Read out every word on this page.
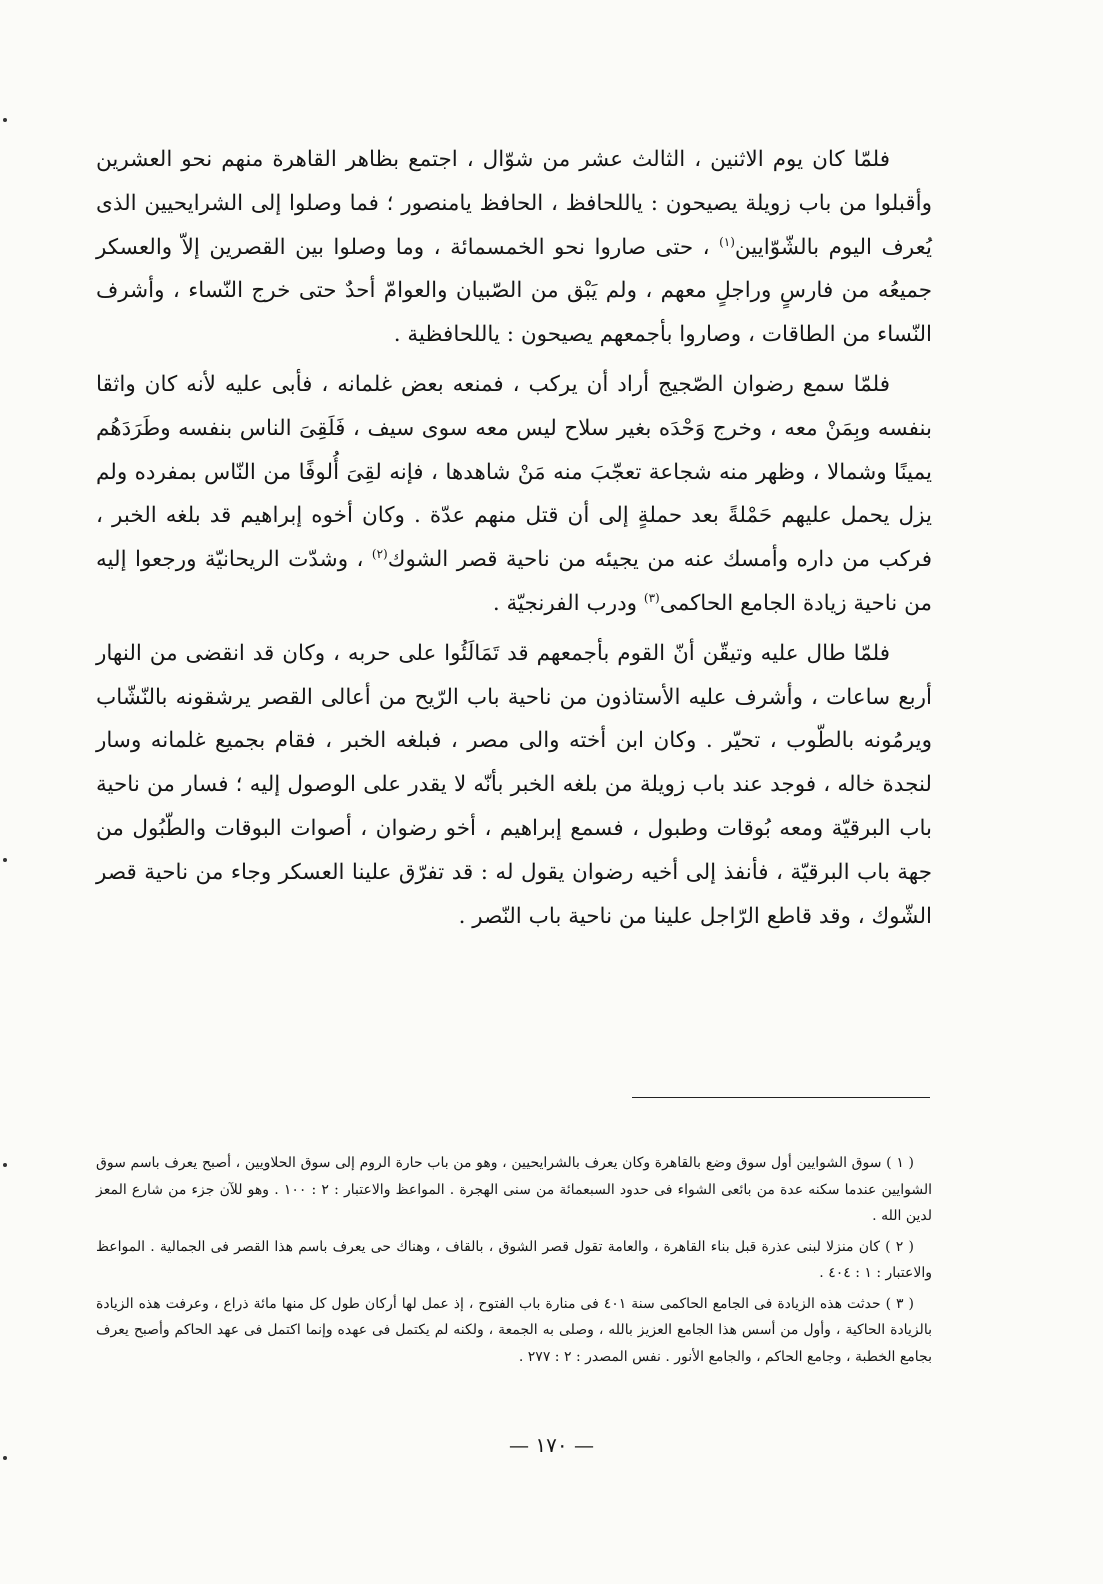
فلمّا كان يوم الاثنين ، الثالث عشر من شوّال ، اجتمع بظاهر القاهرة منهم نحو العشرين وأقبلوا من باب زويلة يصيحون : ياللحافظ ، الحافظ يامنصور ؛ فما وصلوا إلى الشرايحيين الذى يُعرف اليوم بالشّوّايين$^{(١)}$ ، حتى صاروا نحو الخمسمائة ، وما وصلوا بين القصرين إلاّ والعسكر جميعُه من فارسٍ وراجلٍ معهم ، ولم يَبْق من الصّبيان والعوامّ أحدٌ حتى خرج النّساء ، وأشرف النّساء من الطاقات ، وصاروا بأجمعهم يصيحون : ياللحافظية .

فلمّا سمع رضوان الصّجيج أراد أن يركب ، فمنعه بعض غلمانه ، فأبى عليه لأنه كان واثقا بنفسه وبِمَنْ معه ، وخرج وَحْدَه بغير سلاح ليس معه سوى سيف ، فَلَقِىَ الناس بنفسه وطَرَدَهُم يمينًا وشمالا ، وظهر منه شجاعة تعجّبَ منه مَنْ شاهدها ، فإنه لقِىَ أُلوفًا من النّاس بمفرده ولم يزل يحمل عليهم حَمْلةً بعد حملةٍ إلى أن قتل منهم عدّة . وكان أخوه إبراهيم قد بلغه الخبر ، فركب من داره وأمسك عنه من يجيئه من ناحية قصر الشوك$^{(٢)}$ ، وشدّت الريحانيّة ورجعوا إليه من ناحية زيادة الجامع الحاكمى$^{(٣)}$ ودرب الفرنجيّة .

فلمّا طال عليه وتيقّن أنّ القوم بأجمعهم قد تَمَالَئُوا على حربه ، وكان قد انقضى من النهار أربع ساعات ، وأشرف عليه الأستاذون من ناحية باب الرّيح من أعالى القصر يرشقونه بالنّشّاب ويرمُونه بالطّوب ، تحيّر . وكان ابن أخته والى مصر ، فبلغه الخبر ، فقام بجميع غلمانه وسار لنجدة خاله ، فوجد عند باب زويلة من بلغه الخبر بأنّه لا يقدر على الوصول إليه ؛ فسار من ناحية باب البرقيّة ومعه بُوقات وطبول ، فسمع إبراهيم ، أخو رضوان ، أصوات البوقات والطّبُول من جهة باب البرقيّة ، فأنفذ إلى أخيه رضوان يقول له : قد تفرّق علينا العسكر وجاء من ناحية قصر الشّوك ، وقد قاطع الرّاجل علينا من ناحية باب النّصر .

( ١ ) سوق الشوايين أول سوق وضع بالقاهرة وكان يعرف بالشرايحيين ، وهو من باب حارة الروم إلى سوق الحلاويين ، أصبح يعرف باسم سوق الشوايين عندما سكنه عدة من بائعى الشواء فى حدود السبعمائة من سنى الهجرة . المواعظ والاعتبار : ٢ : ١٠٠ . وهو للآن جزء من شارع المعز لدين الله .

( ٢ ) كان منزلا لبنى عذرة قبل بناء القاهرة ، والعامة تقول قصر الشوق ، بالقاف ، وهناك حى يعرف باسم هذا القصر فى الجمالية . المواعظ والاعتبار : ١ : ٤٠٤ .

( ٣ ) حدثت هذه الزيادة فى الجامع الحاكمى سنة ٤٠١ فى منارة باب الفتوح ، إذ عمل لها أركان طول كل منها مائة ذراع ، وعرفت هذه الزيادة بالزيادة الحاكية ، وأول من أسس هذا الجامع العزيز بالله ، وصلى به الجمعة ، ولكنه لم يكتمل فى عهده وإنما اكتمل فى عهد الحاكم وأصبح يعرف بجامع الخطبة ، وجامع الحاكم ، والجامع الأنور . نفس المصدر : ٢ : ٢٧٧ .

— ١٧٠ —
